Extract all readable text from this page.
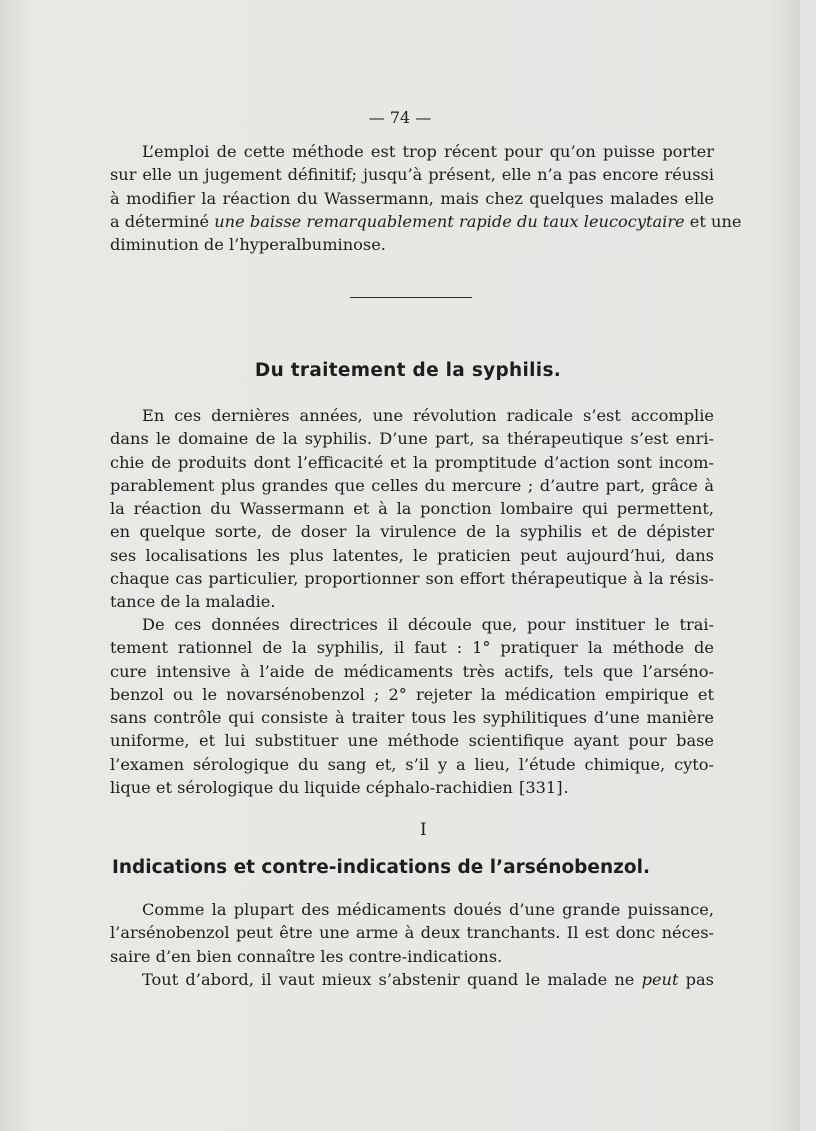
— 74 —
L’emploi de cette méthode est trop récent pour qu’on puisse porter
sur elle un jugement définitif; jusqu’à présent, elle n’a pas encore réussi
à modifier la réaction du Wassermann, mais chez quelques malades elle
a déterminé une baisse remarquablement rapide du taux leucocytaire et une
diminution de l’hyperalbuminose.
Du traitement de la syphilis.
En ces dernières années, une révolution radicale s’est accomplie
dans le domaine de la syphilis. D’une part, sa thérapeutique s’est enri-
chie de produits dont l’efficacité et la promptitude d’action sont incom-
parablement plus grandes que celles du mercure ; d’autre part, grâce à
la réaction du Wassermann et à la ponction lombaire qui permettent,
en quelque sorte, de doser la virulence de la syphilis et de dépister
ses localisations les plus latentes, le praticien peut aujourd’hui, dans
chaque cas particulier, proportionner son effort thérapeutique à la résis-
tance de la maladie.
De ces données directrices il découle que, pour instituer le trai-
tement rationnel de la syphilis, il faut : 1° pratiquer la méthode de
cure intensive à l’aide de médicaments très actifs, tels que l’arséno-
benzol ou le novarsénobenzol ; 2° rejeter la médication empirique et
sans contrôle qui consiste à traiter tous les syphilitiques d’une manière
uniforme, et lui substituer une méthode scientifique ayant pour base
l’examen sérologique du sang et, s’il y a lieu, l’étude chimique, cyto-
lique et sérologique du liquide céphalo-rachidien [331].
I
Indications et contre-indications de l’arsénobenzol.
Comme la plupart des médicaments doués d’une grande puissance,
l’arsénobenzol peut être une arme à deux tranchants. Il est donc néces-
saire d’en bien connaître les contre-indications.
Tout d’abord, il vaut mieux s’abstenir quand le malade ne peut pas
